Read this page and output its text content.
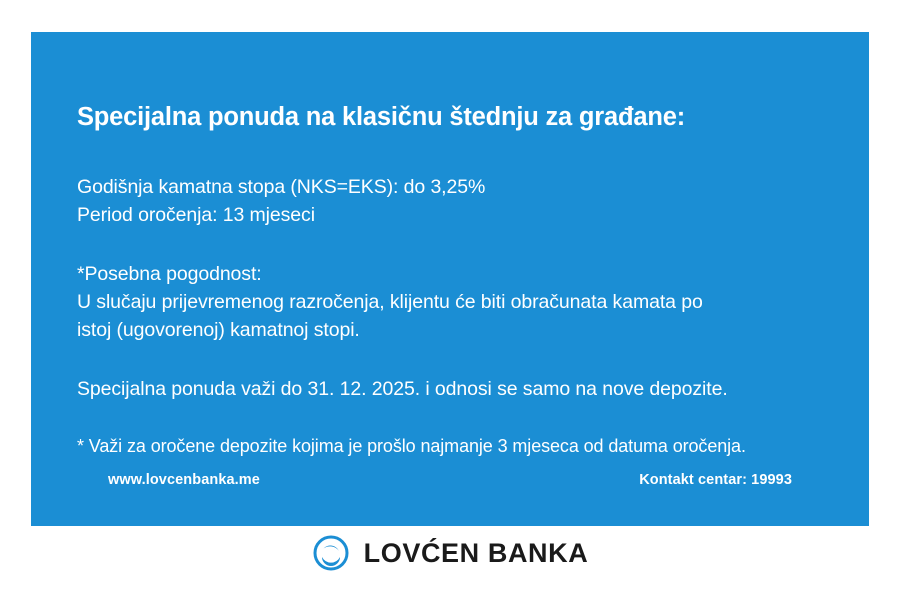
Specijalna ponuda na klasičnu štednju za građane:
Godišnja kamatna stopa (NKS=EKS): do 3,25%
Period oročenja: 13 mjeseci
*Posebna pogodnost:
U slučaju prijevremenog razročenja, klijentu će biti obračunata kamata po
istoj (ugovorenoj) kamatnoj stopi.
Specijalna ponuda važi do 31. 12. 2025. i odnosi se samo na nove depozite.
* Važi za oročene depozite kojima je prošlo najmanje 3 mjeseca od datuma oročenja.
www.lovcenbanka.me	Kontakt centar: 19993
LOVĆEN BANKA
